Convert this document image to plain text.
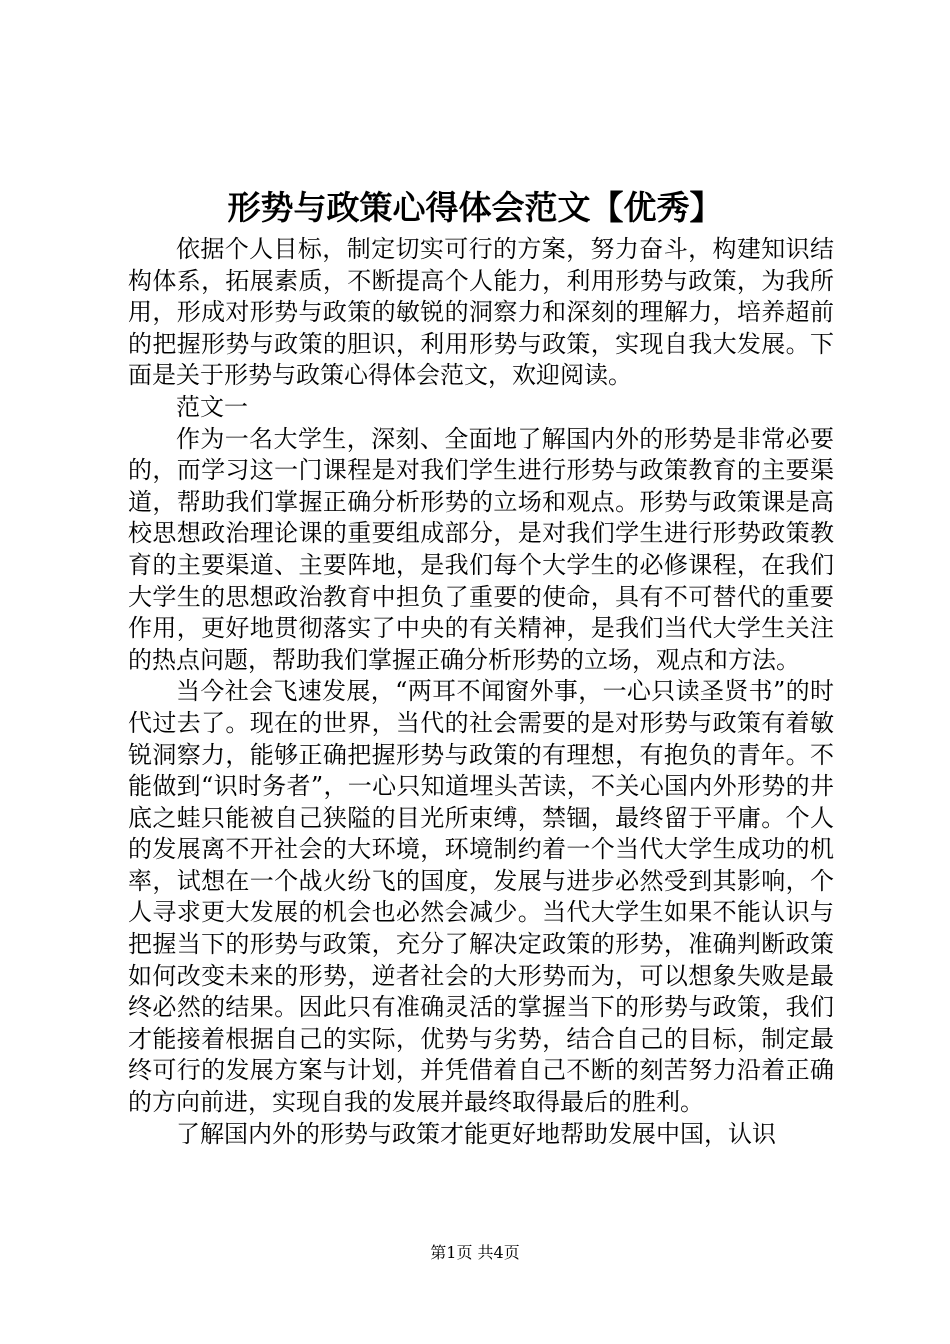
形势与政策心得体会范文【优秀】

依据个人目标，制定切实可行的方案，努力奋斗，构建知识结构体系，拓展素质，不断提高个人能力，利用形势与政策，为我所用，形成对形势与政策的敏锐的洞察力和深刻的理解力，培养超前的把握形势与政策的胆识，利用形势与政策，实现自我大发展。下面是关于形势与政策心得体会范文，欢迎阅读。

范文一

作为一名大学生，深刻、全面地了解国内外的形势是非常必要的，而学习这一门课程是对我们学生进行形势与政策教育的主要渠道，帮助我们掌握正确分析形势的立场和观点。形势与政策课是高校思想政治理论课的重要组成部分，是对我们学生进行形势政策教育的主要渠道、主要阵地，是我们每个大学生的必修课程，在我们大学生的思想政治教育中担负了重要的使命，具有不可替代的重要作用，更好地贯彻落实了中央的有关精神，是我们当代大学生关注的热点问题，帮助我们掌握正确分析形势的立场，观点和方法。

当今社会飞速发展，“两耳不闻窗外事，一心只读圣贤书”的时代过去了。现在的世界，当代的社会需要的是对形势与政策有着敏锐洞察力，能够正确把握形势与政策的有理想，有抱负的青年。不能做到“识时务者”，一心只知道埋头苦读，不关心国内外形势的井底之蛙只能被自己狭隘的目光所束缚，禁锢，最终留于平庸。个人的发展离不开社会的大环境，环境制约着一个当代大学生成功的机率，试想在一个战火纷飞的国度，发展与进步必然受到其影响，个人寻求更大发展的机会也必然会减少。当代大学生如果不能认识与把握当下的形势与政策，充分了解决定政策的形势，准确判断政策如何改变未来的形势，逆者社会的大形势而为，可以想象失败是最终必然的结果。因此只有准确灵活的掌握当下的形势与政策，我们才能接着根据自己的实际，优势与劣势，结合自己的目标，制定最终可行的发展方案与计划，并凭借着自己不断的刻苦努力沿着正确的方向前进，实现自我的发展并最终取得最后的胜利。

了解国内外的形势与政策才能更好地帮助发展中国，认识

第1页 共4页
